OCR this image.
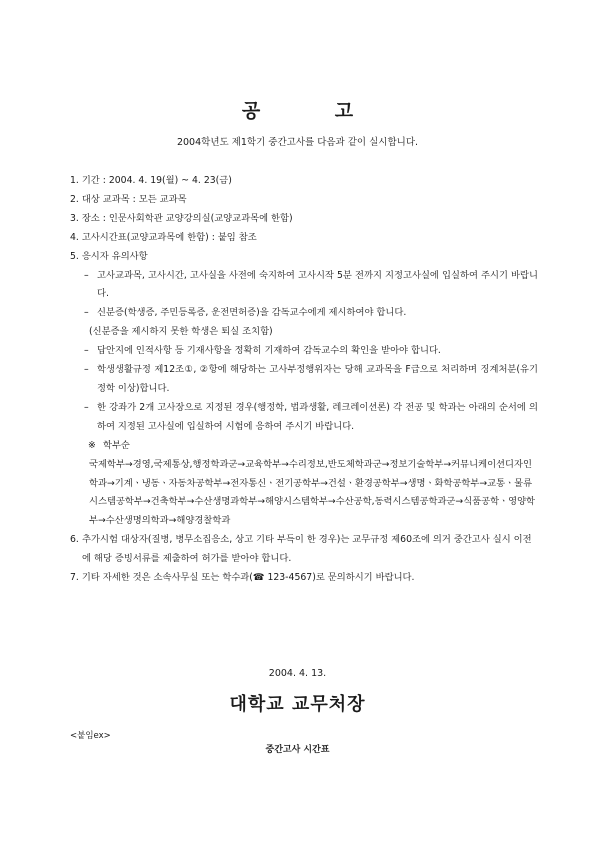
공 고
2004학년도 제1학기 중간고사를 다음과 같이 실시합니다.
1. 기간 : 2004. 4. 19(월) ~ 4. 23(금)
2. 대상 교과목 : 모든 교과목
3. 장소 : 인문사회학관 교양강의실(교양교과목에 한함)
4. 고사시간표(교양교과목에 한함) : 붙임 참조
5. 응시자 유의사항
– 고사교과목, 고사시간, 고사실을 사전에 숙지하여 고사시작 5분 전까지 지정고사실에 입실하여 주시기 바랍니다.
– 신분증(학생증, 주민등록증, 운전면허증)을 감독교수에게 제시하여야 합니다.
(신분증을 제시하지 못한 학생은 퇴실 조치함)
– 답안지에 인적사항 등 기재사항을 정확히 기재하여 감독교수의 확인을 받아야 합니다.
– 학생생활규정 제12조①, ②항에 해당하는 고사부정행위자는 당해 교과목을 F급으로 처리하며 징계처분(유기정학 이상)합니다.
– 한 강좌가 2개 고사장으로 지정된 경우(행정학, 법과생활, 레크레이션론) 각 전공 및 학과는 아래의 순서에 의하여 지정된 고사실에 입실하여 시험에 응하여 주시기 바랍니다.
※ 학부순
국제학부→경영,국제통상,행정학과군→교육학부→수리정보,반도체학과군→정보기술학부→커뮤니케이션디자인학과→기계ㆍ냉동ㆍ자동차공학부→전자통신ㆍ전기공학부→건설ㆍ환경공학부→생명ㆍ화학공학부→교통ㆍ물류시스템공학부→건축학부→수산생명과학부→해양시스템학부→수산공학,동력시스템공학과군→식품공학ㆍ영양학부→수산생명의학과→해양경찰학과
6. 추가시험 대상자(질병, 병무소집응소, 상고 기타 부득이 한 경우)는 교무규정 제60조에 의거 중간고사 실시 이전에 해당 증빙서류를 제출하여 허가를 받아야 합니다.
7. 기타 자세한 것은 소속사무실 또는 학수과(☎ 123-4567)로 문의하시기 바랍니다.
2004. 4. 13.
대학교 교무처장
<붙임ex>
중간고사 시간표
